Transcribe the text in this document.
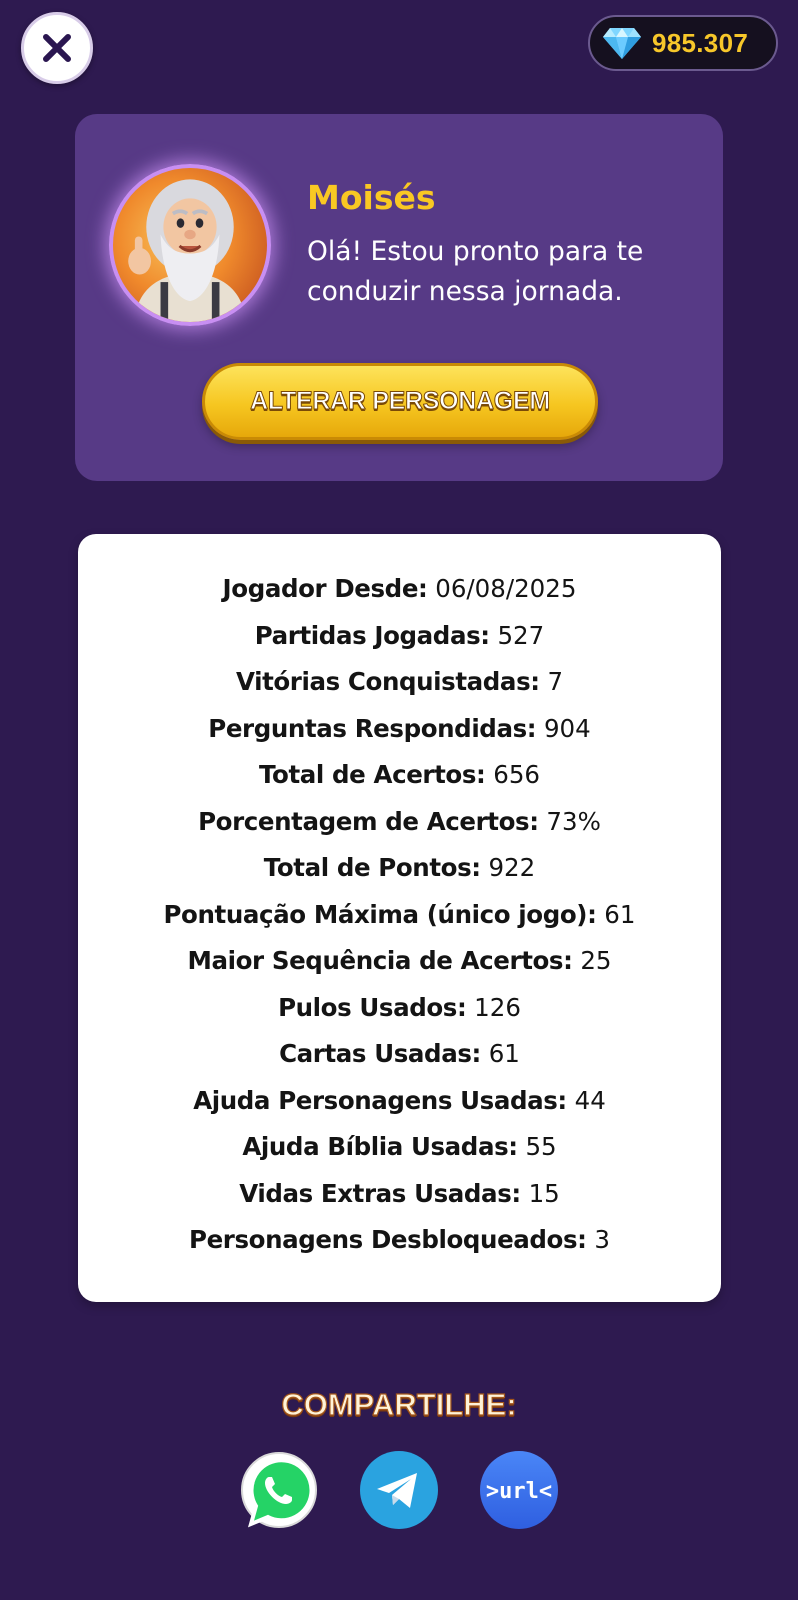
985.307
Moisés
Olá! Estou pronto para te conduzir nessa jornada.
ALTERAR PERSONAGEM
Jogador Desde: 06/08/2025
Partidas Jogadas: 527
Vitórias Conquistadas: 7
Perguntas Respondidas: 904
Total de Acertos: 656
Porcentagem de Acertos: 73%
Total de Pontos: 922
Pontuação Máxima (único jogo): 61
Maior Sequência de Acertos: 25
Pulos Usados: 126
Cartas Usadas: 61
Ajuda Personagens Usadas: 44
Ajuda Bíblia Usadas: 55
Vidas Extras Usadas: 15
Personagens Desbloqueados: 3
COMPARTILHE:
>url<
